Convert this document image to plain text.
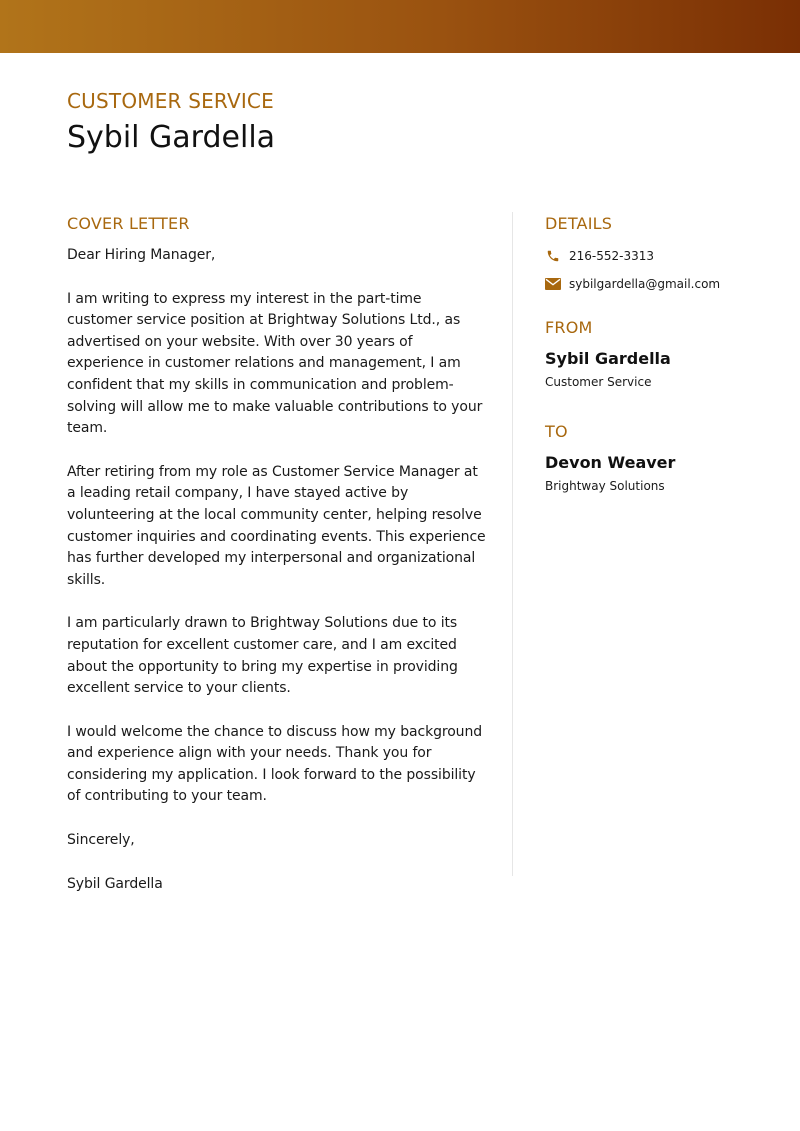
CUSTOMER SERVICE
Sybil Gardella
COVER LETTER

Dear Hiring Manager,

I am writing to express my interest in the part-time customer service position at Brightway Solutions Ltd., as advertised on your website. With over 30 years of experience in customer relations and management, I am confident that my skills in communication and problem-solving will allow me to make valuable contributions to your team.

After retiring from my role as Customer Service Manager at a leading retail company, I have stayed active by volunteering at the local community center, helping resolve customer inquiries and coordinating events. This experience has further developed my interpersonal and organizational skills.

I am particularly drawn to Brightway Solutions due to its reputation for excellent customer care, and I am excited about the opportunity to bring my expertise in providing excellent service to your clients.

I would welcome the chance to discuss how my background and experience align with your needs. Thank you for considering my application. I look forward to the possibility of contributing to your team.

Sincerely,

Sybil Gardella

DETAILS
216-552-3313
sybilgardella@gmail.com
FROM
Sybil Gardella
Customer Service
TO
Devon Weaver
Brightway Solutions
